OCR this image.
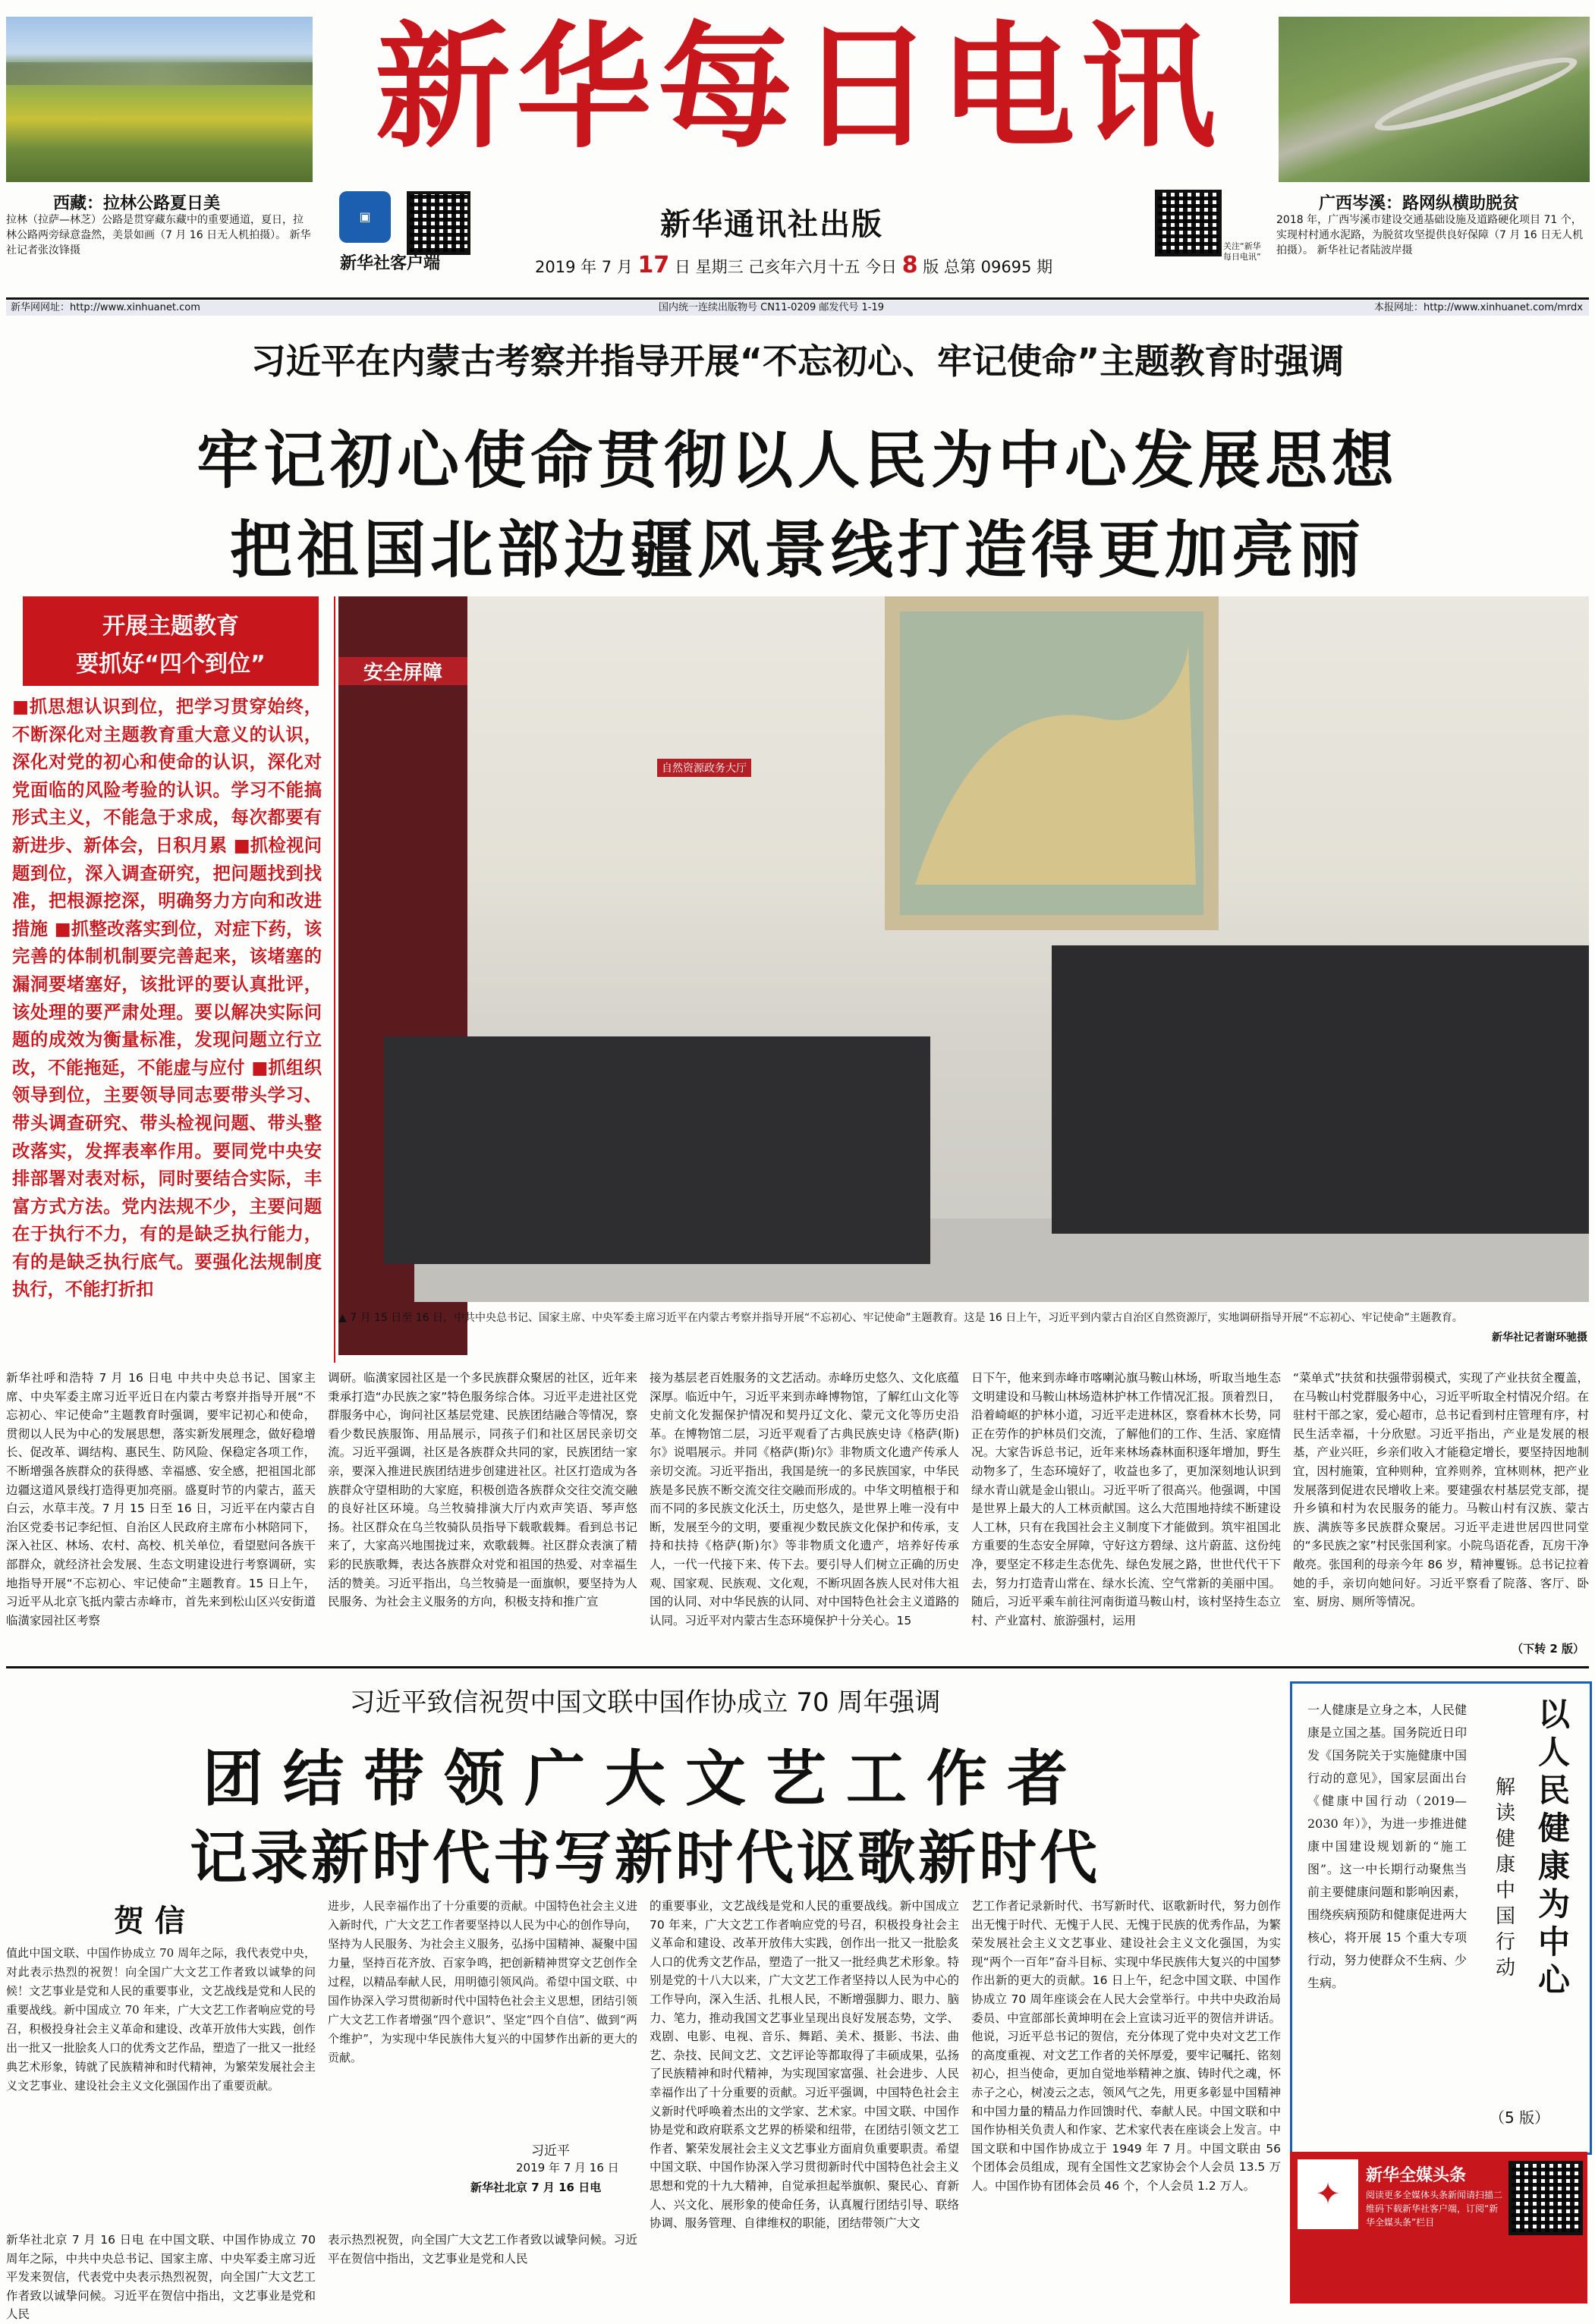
西藏：拉林公路夏日美
拉林（拉萨—林芝）公路是贯穿藏东藏中的重要通道，夏日，拉林公路两旁绿意盎然，美景如画（7 月 16 日无人机拍摄）。 新华社记者张汝锋摄
新华每日电讯
▣
新华社客户端
新华通讯社出版
2019 年 7 月 17 日 星期三 己亥年六月十五 今日 8 版 总第 09695 期
关注“新华每日电讯”
广西岑溪：路网纵横助脱贫
2018 年，广西岑溪市建设交通基础设施及道路硬化项目 71 个，实现村村通水泥路，为脱贫攻坚提供良好保障（7 月 16 日无人机拍摄）。 新华社记者陆波岸摄
新华网网址：http://www.xinhuanet.com	国内统一连续出版物号 CN11-0209 邮发代号 1-19	本报网址：http://www.xinhuanet.com/mrdx
习近平在内蒙古考察并指导开展“不忘初心、牢记使命”主题教育时强调
牢记初心使命贯彻以人民为中心发展思想
把祖国北部边疆风景线打造得更加亮丽
开展主题教育
要抓好“四个到位”
■抓思想认识到位，把学习贯穿始终，不断深化对主题教育重大意义的认识，深化对党的初心和使命的认识，深化对党面临的风险考验的认识。学习不能搞形式主义，不能急于求成，每次都要有新进步、新体会，日积月累 ■抓检视问题到位，深入调查研究，把问题找到找准，把根源挖深，明确努力方向和改进措施 ■抓整改落实到位，对症下药，该完善的体制机制要完善起来，该堵塞的漏洞要堵塞好，该批评的要认真批评，该处理的要严肃处理。要以解决实际问题的成效为衡量标准，发现问题立行立改，不能拖延，不能虚与应付 ■抓组织领导到位，主要领导同志要带头学习、带头调查研究、带头检视问题、带头整改落实，发挥表率作用。要同党中央安排部署对表对标，同时要结合实际，丰富方式方法。党内法规不少，主要问题在于执行不力，有的是缺乏执行能力，有的是缺乏执行底气。要强化法规制度执行，不能打折扣
安全屏障
自然资源政务大厅
▲ 7 月 15 日至 16 日，中共中央总书记、国家主席、中央军委主席习近平在内蒙古考察并指导开展“不忘初心、牢记使命”主题教育。这是 16 日上午，习近平到内蒙古自治区自然资源厅，实地调研指导开展“不忘初心、牢记使命”主题教育。
新华社记者谢环驰摄
新华社呼和浩特 7 月 16 日电 中共中央总书记、国家主席、中央军委主席习近平近日在内蒙古考察并指导开展“不忘初心、牢记使命”主题教育时强调，要牢记初心和使命，贯彻以人民为中心的发展思想，落实新发展理念，做好稳增长、促改革、调结构、惠民生、防风险、保稳定各项工作，不断增强各族群众的获得感、幸福感、安全感，把祖国北部边疆这道风景线打造得更加亮丽。盛夏时节的内蒙古，蓝天白云，水草丰茂。7 月 15 日至 16 日，习近平在内蒙古自治区党委书记李纪恒、自治区人民政府主席布小林陪同下，深入社区、林场、农村、高校、机关单位，看望慰问各族干部群众，就经济社会发展、生态文明建设进行考察调研，实地指导开展“不忘初心、牢记使命”主题教育。15 日上午，习近平从北京飞抵内蒙古赤峰市，首先来到松山区兴安街道临潢家园社区考察
调研。临潢家园社区是一个多民族群众聚居的社区，近年来秉承打造“办民族之家”特色服务综合体。习近平走进社区党群服务中心，询问社区基层党建、民族团结融合等情况，察看少数民族服饰、用品展示，同孩子们和社区居民亲切交流。习近平强调，社区是各族群众共同的家，民族团结一家亲，要深入推进民族团结进步创建进社区。社区打造成为各族群众守望相助的大家庭，积极创造各族群众交往交流交融的良好社区环境。乌兰牧骑排演大厅内欢声笑语、琴声悠扬。社区群众在乌兰牧骑队员指导下载歌载舞。看到总书记来了，大家高兴地围拢过来，欢歌载舞。社区群众表演了精彩的民族歌舞，表达各族群众对党和祖国的热爱、对幸福生活的赞美。习近平指出，乌兰牧骑是一面旗帜，要坚持为人民服务、为社会主义服务的方向，积极支持和推广宣
接为基层老百姓服务的文艺活动。赤峰历史悠久、文化底蕴深厚。临近中午，习近平来到赤峰博物馆，了解红山文化等史前文化发掘保护情况和契丹辽文化、蒙元文化等历史沿革。在博物馆二层，习近平观看了古典民族史诗《格萨(斯)尔》说唱展示。并同《格萨(斯)尔》非物质文化遗产传承人亲切交流。习近平指出，我国是统一的多民族国家，中华民族是多民族不断交流交往交融而形成的。中华文明植根于和而不同的多民族文化沃土，历史悠久，是世界上唯一没有中断，发展至今的文明，要重视少数民族文化保护和传承，支持和扶持《格萨(斯)尔》等非物质文化遗产，培养好传承人，一代一代接下来、传下去。要引导人们树立正确的历史观、国家观、民族观、文化观，不断巩固各族人民对伟大祖国的认同、对中华民族的认同、对中国特色社会主义道路的认同。习近平对内蒙古生态环境保护十分关心。15
日下午，他来到赤峰市喀喇沁旗马鞍山林场，听取当地生态文明建设和马鞍山林场造林护林工作情况汇报。顶着烈日，沿着崎岖的护林小道，习近平走进林区，察看林木长势，同正在劳作的护林员们交流，了解他们的工作、生活、家庭情况。大家告诉总书记，近年来林场森林面积逐年增加，野生动物多了，生态环境好了，收益也多了，更加深刻地认识到绿水青山就是金山银山。习近平听了很高兴。他强调，中国是世界上最大的人工林贡献国。这么大范围地持续不断建设人工林，只有在我国社会主义制度下才能做到。筑牢祖国北方重要的生态安全屏障，守好这方碧绿、这片蔚蓝、这份纯净，要坚定不移走生态优先、绿色发展之路，世世代代干下去，努力打造青山常在、绿水长流、空气常新的美丽中国。随后，习近平乘车前往河南街道马鞍山村，该村坚持生态立村、产业富村、旅游强村，运用
“菜单式”扶贫和扶强带弱模式，实现了产业扶贫全覆盖，在马鞍山村党群服务中心，习近平听取全村情况介绍。在驻村干部之家，爱心超市，总书记看到村庄管理有序，村民生活幸福，十分欣慰。习近平指出，产业是发展的根基，产业兴旺，乡亲们收入才能稳定增长，要坚持因地制宜，因村施策，宜种则种，宜养则养，宜林则林，把产业发展落到促进农民增收上来。要建强农村基层党支部，提升乡镇和村为农民服务的能力。马鞍山村有汉族、蒙古族、满族等多民族群众聚居。习近平走进世居四世同堂的“多民族之家”村民张国利家。小院鸟语花香，瓦房干净敞亮。张国利的母亲今年 86 岁，精神矍铄。总书记拉着她的手，亲切向她问好。习近平察看了院落、客厅、卧室、厨房、厕所等情况。
（下转 2 版）
习近平致信祝贺中国文联中国作协成立 70 周年强调
团结带领广大文艺工作者
记录新时代书写新时代讴歌新时代
贺 信
值此中国文联、中国作协成立 70 周年之际，我代表党中央，对此表示热烈的祝贺！向全国广大文艺工作者致以诚挚的问候！文艺事业是党和人民的重要事业，文艺战线是党和人民的重要战线。新中国成立 70 年来，广大文艺工作者响应党的号召，积极投身社会主义革命和建设、改革开放伟大实践，创作出一批又一批脍炙人口的优秀文艺作品，塑造了一批又一批经典艺术形象，铸就了民族精神和时代精神，为繁荣发展社会主义文艺事业、建设社会主义文化强国作出了重要贡献。
进步，人民幸福作出了十分重要的贡献。中国特色社会主义进入新时代，广大文艺工作者要坚持以人民为中心的创作导向，坚持为人民服务、为社会主义服务，弘扬中国精神、凝聚中国力量，坚持百花齐放、百家争鸣，把创新精神贯穿文艺创作全过程，以精品奉献人民，用明德引领风尚。希望中国文联、中国作协深入学习贯彻新时代中国特色社会主义思想，团结引领广大文艺工作者增强“四个意识”、坚定“四个自信”、做到“两个维护”，为实现中华民族伟大复兴的中国梦作出新的更大的贡献。
习近平
2019 年 7 月 16 日
新华社北京 7 月 16 日电
新华社北京 7 月 16 日电 在中国文联、中国作协成立 70 周年之际，中共中央总书记、国家主席、中央军委主席习近平发来贺信，代表党中央表示热烈祝贺，向全国广大文艺工作者致以诚挚问候。习近平在贺信中指出，文艺事业是党和人民
表示热烈祝贺，向全国广大文艺工作者致以诚挚问候。习近平在贺信中指出，文艺事业是党和人民
的重要事业，文艺战线是党和人民的重要战线。新中国成立 70 年来，广大文艺工作者响应党的号召，积极投身社会主义革命和建设、改革开放伟大实践，创作出一批又一批脍炙人口的优秀文艺作品，塑造了一批又一批经典艺术形象。特别是党的十八大以来，广大文艺工作者坚持以人民为中心的工作导向，深入生活、扎根人民，不断增强脚力、眼力、脑力、笔力，推动我国文艺事业呈现出良好发展态势，文学、戏剧、电影、电视、音乐、舞蹈、美术、摄影、书法、曲艺、杂技、民间文艺、文艺评论等都取得了丰硕成果，弘扬了民族精神和时代精神，为实现国家富强、社会进步、人民幸福作出了十分重要的贡献。习近平强调，中国特色社会主义新时代呼唤着杰出的文学家、艺术家。中国文联、中国作协是党和政府联系文艺界的桥梁和纽带，在团结引领文艺工作者、繁荣发展社会主义文艺事业方面肩负重要职责。希望中国文联、中国作协深入学习贯彻新时代中国特色社会主义思想和党的十九大精神，自觉承担起举旗帜、聚民心、育新人、兴文化、展形象的使命任务，认真履行团结引导、联络协调、服务管理、自律维权的职能，团结带领广大文
艺工作者记录新时代、书写新时代、讴歌新时代，努力创作出无愧于时代、无愧于人民、无愧于民族的优秀作品，为繁荣发展社会主义文艺事业、建设社会主义文化强国，为实现“两个一百年”奋斗目标、实现中华民族伟大复兴的中国梦作出新的更大的贡献。16 日上午，纪念中国文联、中国作协成立 70 周年座谈会在人民大会堂举行。中共中央政治局委员、中宣部部长黄坤明在会上宣读习近平的贺信并讲话。他说，习近平总书记的贺信，充分体现了党中央对文艺工作的高度重视、对文艺工作者的关怀厚爱，要牢记嘱托、铭刻初心，担当使命，更加自觉地举精神之旗、铸时代之魂，怀赤子之心，树凌云之志，领风气之先，用更多彰显中国精神和中国力量的精品力作回馈时代、奉献人民。中国文联和中国作协相关负责人和作家、艺术家代表在座谈会上发言。中国文联和中国作协成立于 1949 年 7 月。中国文联由 56 个团体会员组成，现有全国性文艺家协会个人会员 13.5 万人。中国作协有团体会员 46 个，个人会员 1.2 万人。
一人健康是立身之本，人民健康是立国之基。国务院近日印发《国务院关于实施健康中国行动的意见》，国家层面出台《健康中国行动（2019—2030 年）》，为进一步推进健康中国建设规划新的“施工图”。这一中长期行动聚焦当前主要健康问题和影响因素，围绕疾病预防和健康促进两大核心，将开展 15 个重大专项行动，努力使群众不生病、少生病。
以人民健康为中心
解读健康中国行动
（5 版）
✦
新华全媒头条
阅读更多全媒体头条新闻请扫描二维码下载新华社客户端，订阅“新华全媒头条”栏目
